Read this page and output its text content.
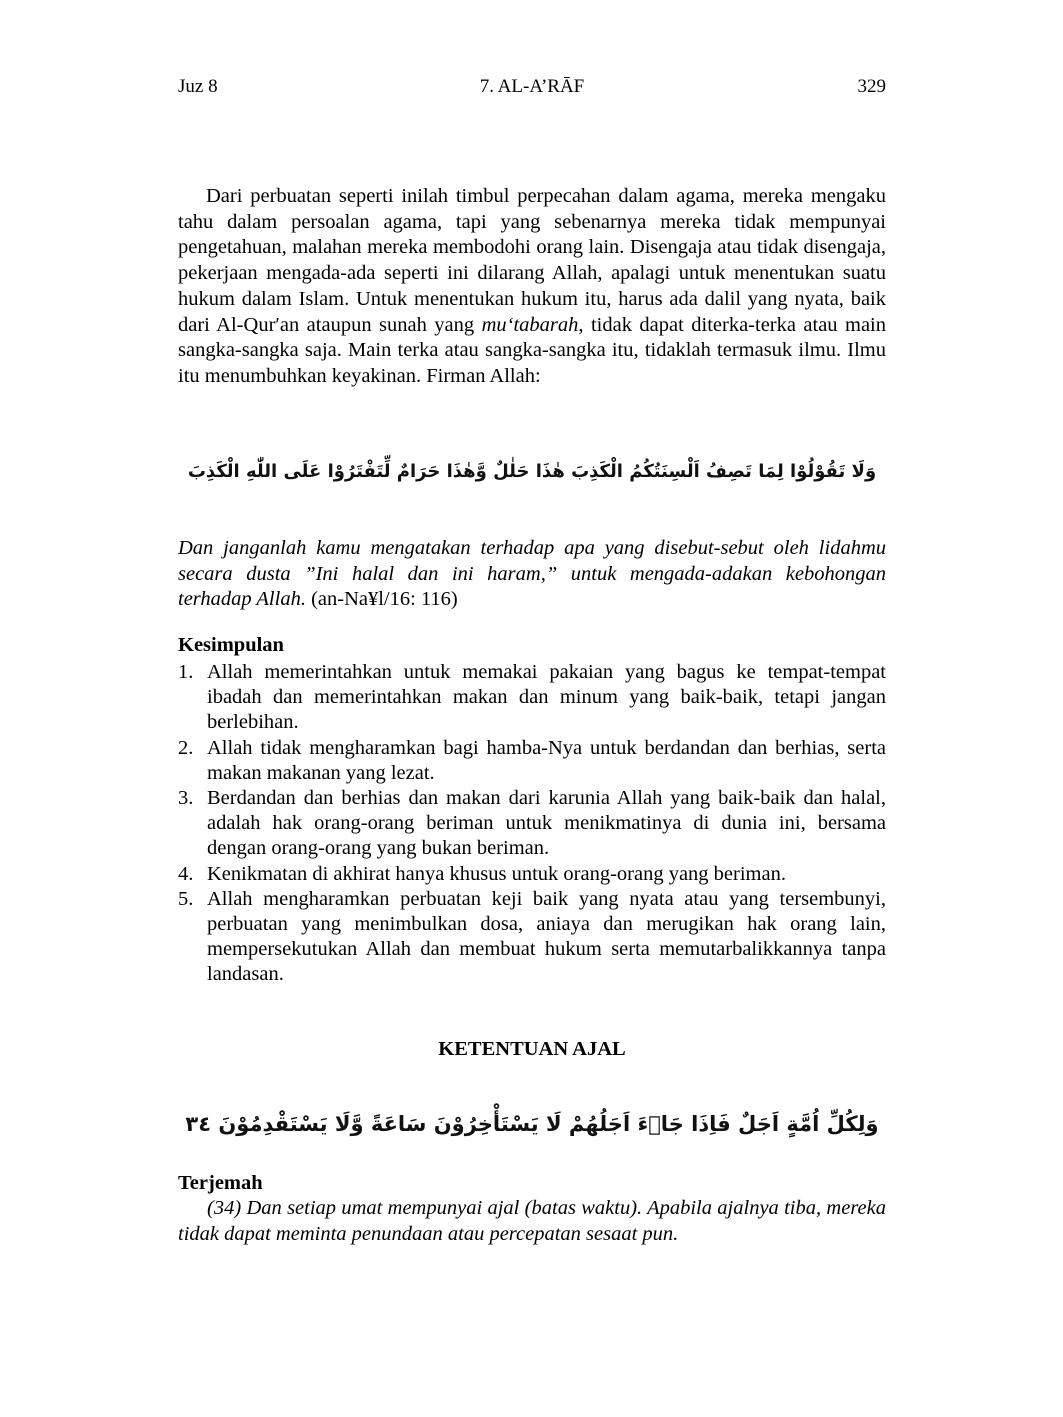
Juz 8	7. AL-A’RĀF	329

Dari perbuatan seperti inilah timbul perpecahan dalam agama, mereka mengaku tahu dalam persoalan agama, tapi yang sebenarnya mereka tidak mempunyai pengetahuan, malahan mereka membodohi orang lain. Disengaja atau tidak disengaja, pekerjaan mengada-ada seperti ini dilarang Allah, apalagi untuk menentukan suatu hukum dalam Islam. Untuk menentukan hukum itu, harus ada dalil yang nyata, baik dari Al-Qur′an ataupun sunah yang mu‘tabarah, tidak dapat diterka-terka atau main sangka-sangka saja. Main terka atau sangka-sangka itu, tidaklah termasuk ilmu. Ilmu itu menumbuhkan keyakinan. Firman Allah:

وَلَا تَقُوْلُوْا لِمَا تَصِفُ اَلْسِنَتُكُمُ الْكَذِبَ هٰذَا حَلٰلٌ وَّهٰذَا حَرَامٌ لِّتَفْتَرُوْا عَلَى اللّٰهِ الْكَذِبَ

Dan janganlah kamu mengatakan terhadap apa yang disebut-sebut oleh lidahmu secara dusta ”Ini halal dan ini haram,” untuk mengada-adakan kebohongan terhadap Allah. (an-Na¥l/16: 116)

Kesimpulan
1. Allah memerintahkan untuk memakai pakaian yang bagus ke tempat-tempat ibadah dan memerintahkan makan dan minum yang baik-baik, tetapi jangan berlebihan.
2. Allah tidak mengharamkan bagi hamba-Nya untuk berdandan dan berhias, serta makan makanan yang lezat.
3. Berdandan dan berhias dan makan dari karunia Allah yang baik-baik dan halal, adalah hak orang-orang beriman untuk menikmatinya di dunia ini, bersama dengan orang-orang yang bukan beriman.
4. Kenikmatan di akhirat hanya khusus untuk orang-orang yang beriman.
5. Allah mengharamkan perbuatan keji baik yang nyata atau yang tersembunyi, perbuatan yang menimbulkan dosa, aniaya dan merugikan hak orang lain, mempersekutukan Allah dan membuat hukum serta memutarbalikkannya tanpa landasan.
KETENTUAN AJAL
وَلِكُلِّ اُمَّةٍ اَجَلٌ فَاِذَا جَاۤءَ اَجَلُهُمْ لَا يَسْتَأْخِرُوْنَ سَاعَةً وَّلَا يَسْتَقْدِمُوْنَ ٣٤
Terjemah

(34) Dan setiap umat mempunyai ajal (batas waktu). Apabila ajalnya tiba, mereka tidak dapat meminta penundaan atau percepatan sesaat pun.
